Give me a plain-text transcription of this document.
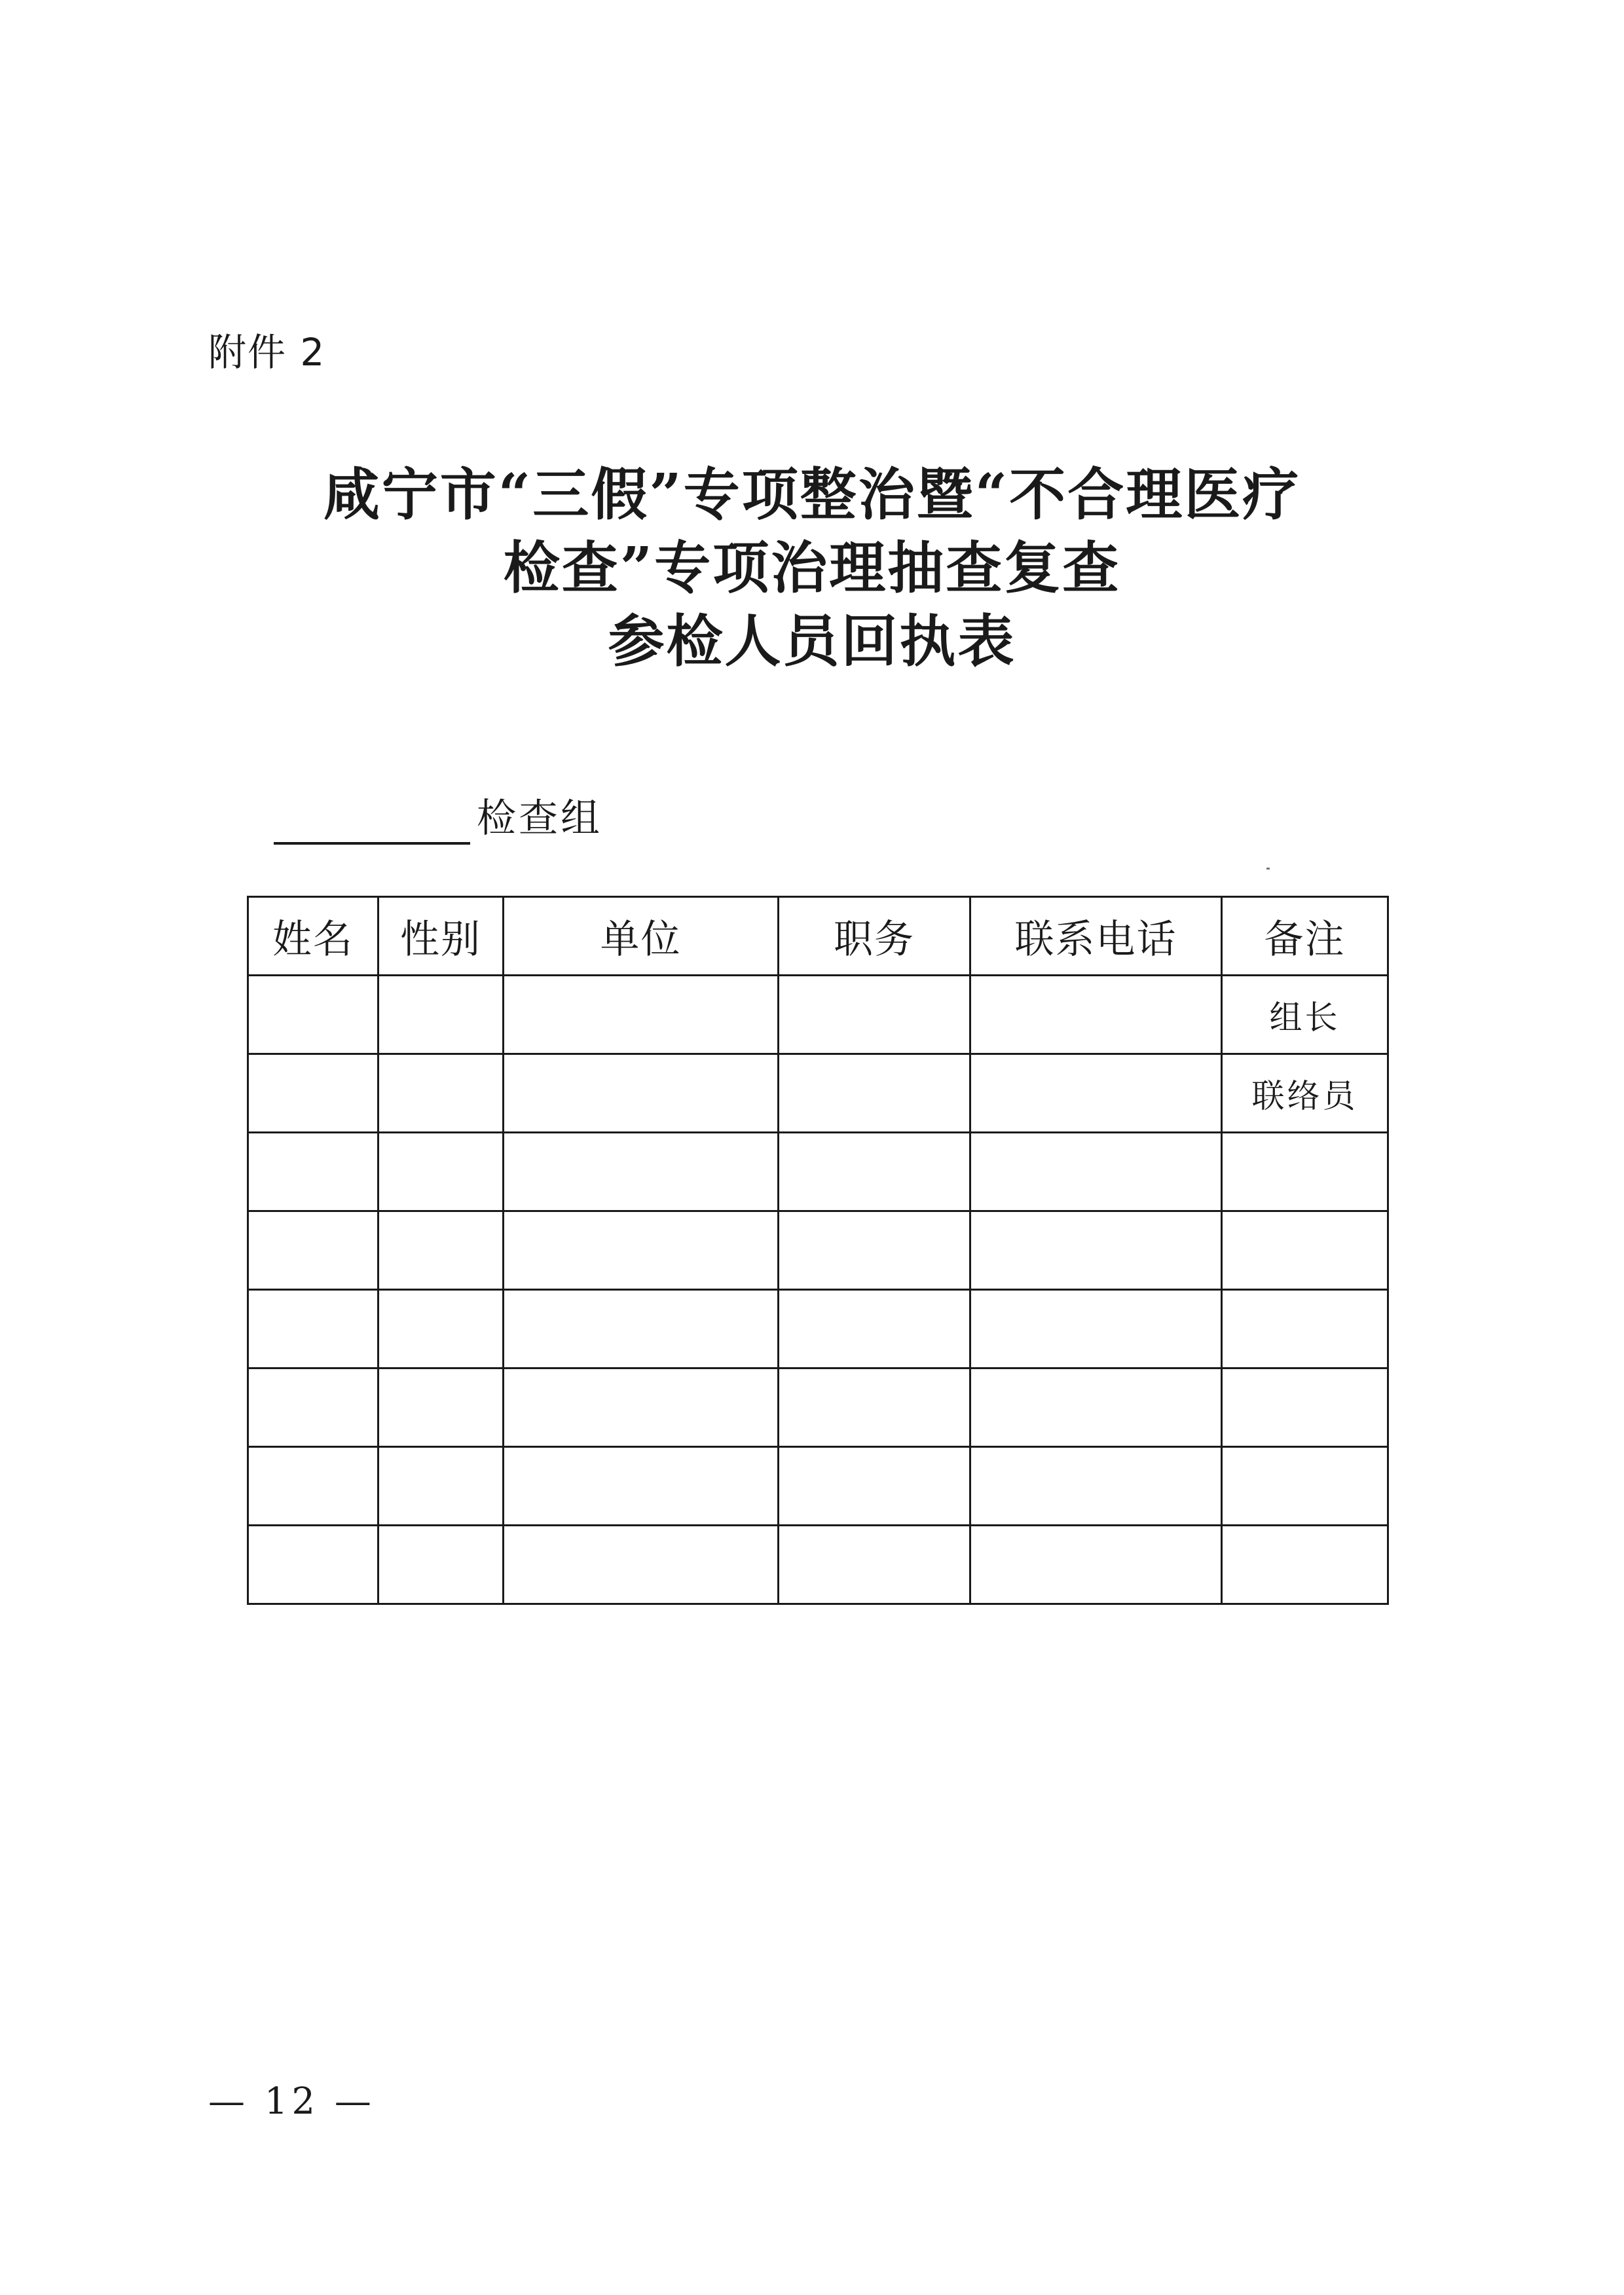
附件 2
咸宁市“三假”专项整治暨“不合理医疗
检查”专项治理抽查复查
参检人员回执表
检查组
姓名	性别	单位	职务	联系电话	备注
					组长
					联络员

— 12 —
